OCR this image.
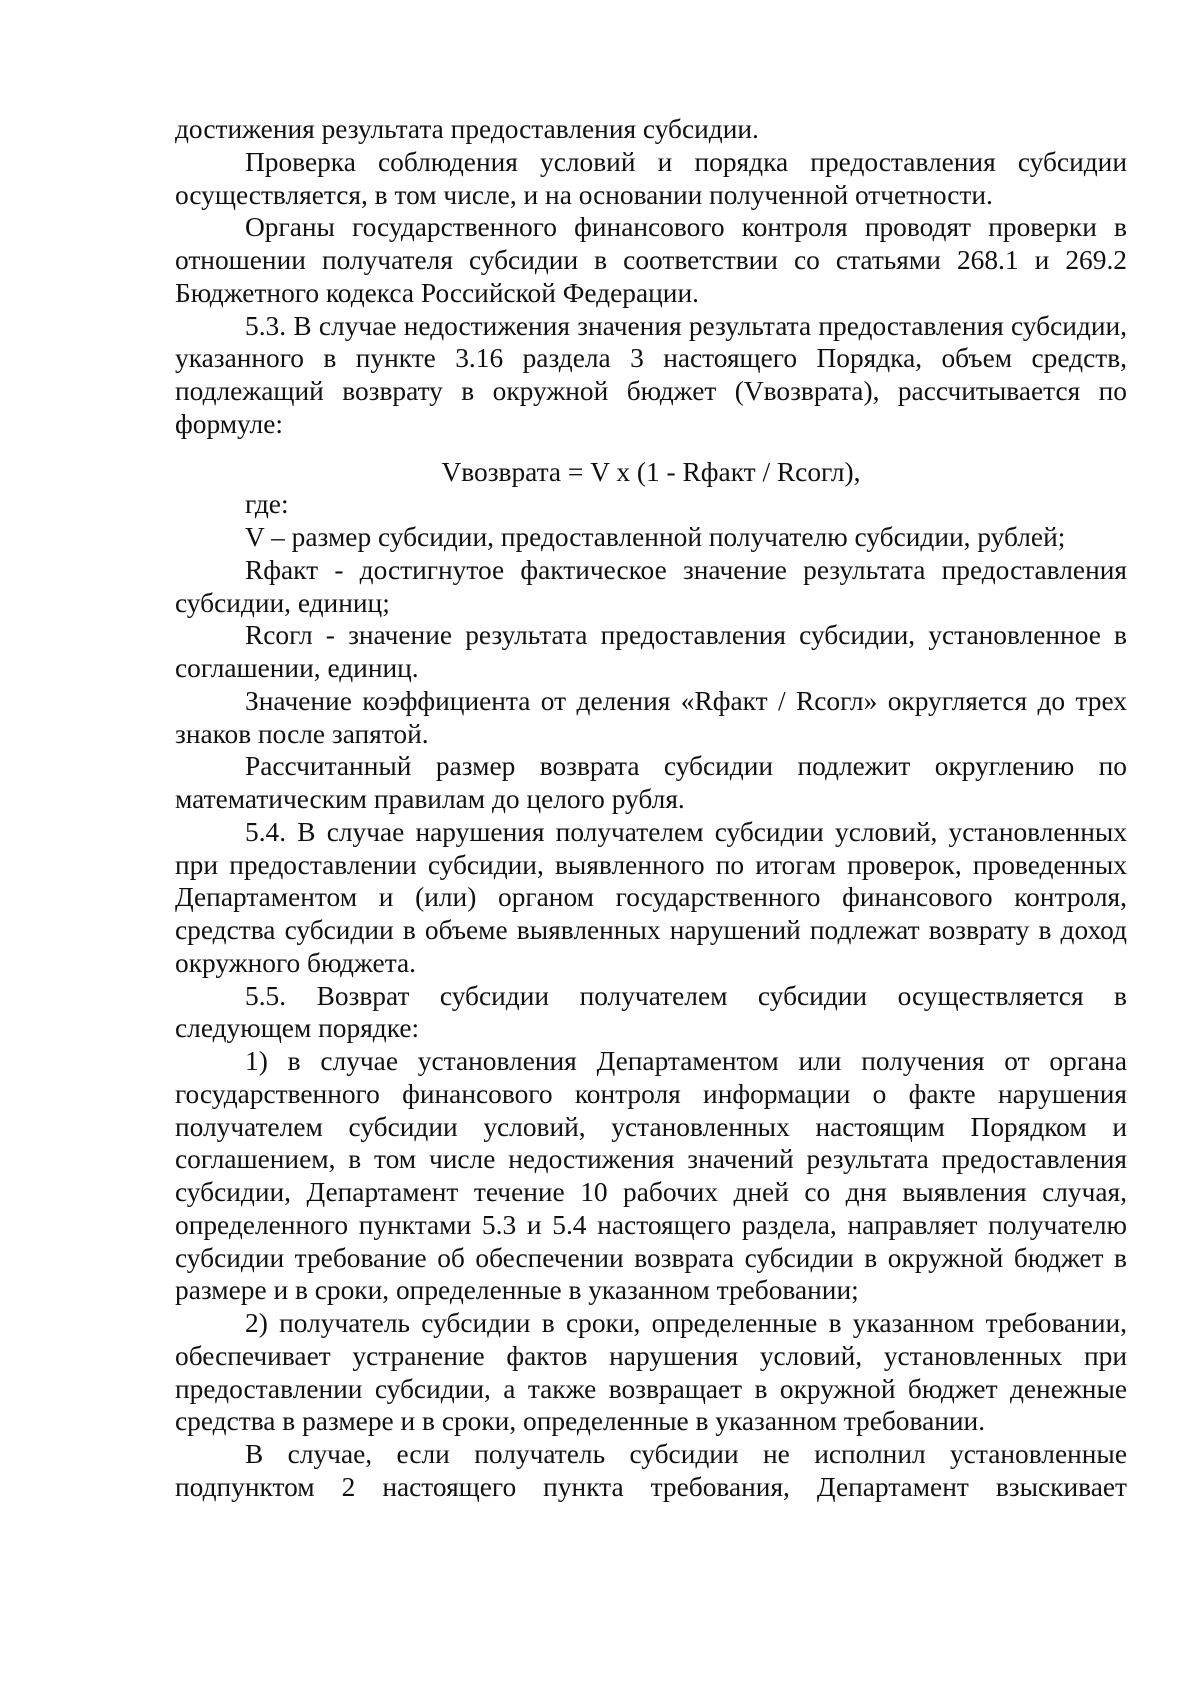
достижения результата предоставления субсидии.

Проверка соблюдения условий и порядка предоставления субсидии осуществляется, в том числе, и на основании полученной отчетности.

Органы государственного финансового контроля проводят проверки в отношении получателя субсидии в соответствии со статьями 268.1 и 269.2 Бюджетного кодекса Российской Федерации.

5.3. В случае недостижения значения результата предоставления субсидии, указанного в пункте 3.16 раздела 3 настоящего Порядка, объем средств, подлежащий возврату в окружной бюджет (Vвозврата), рассчитывается по формуле:

Vвозврата = V x (1 - Rфакт / Rсогл),

где:

V – размер субсидии, предоставленной получателю субсидии, рублей;

Rфакт - достигнутое фактическое значение результата предоставления субсидии, единиц;

Rсогл - значение результата предоставления субсидии, установленное в соглашении, единиц.

Значение коэффициента от деления «Rфакт / Rсогл» округляется до трех знаков после запятой.

Рассчитанный размер возврата субсидии подлежит округлению по математическим правилам до целого рубля.

5.4. В случае нарушения получателем субсидии условий, установленных при предоставлении субсидии, выявленного по итогам проверок, проведенных Департаментом и (или) органом государственного финансового контроля, средства субсидии в объеме выявленных нарушений подлежат возврату в доход окружного бюджета.

5.5. Возврат субсидии получателем субсидии осуществляется в следующем порядке:

1) в случае установления Департаментом или получения от органа государственного финансового контроля информации о факте нарушения получателем субсидии условий, установленных настоящим Порядком и соглашением, в том числе недостижения значений результата предоставления субсидии, Департамент течение 10 рабочих дней со дня выявления случая, определенного пунктами 5.3 и 5.4 настоящего раздела, направляет получателю субсидии требование об обеспечении возврата субсидии в окружной бюджет в размере и в сроки, определенные в указанном требовании;

2) получатель субсидии в сроки, определенные в указанном требовании, обеспечивает устранение фактов нарушения условий, установленных при предоставлении субсидии, а также возвращает в окружной бюджет денежные средства в размере и в сроки, определенные в указанном требовании.

В случае, если получатель субсидии не исполнил установленные подпунктом 2 настоящего пункта требования, Департамент взыскивает
